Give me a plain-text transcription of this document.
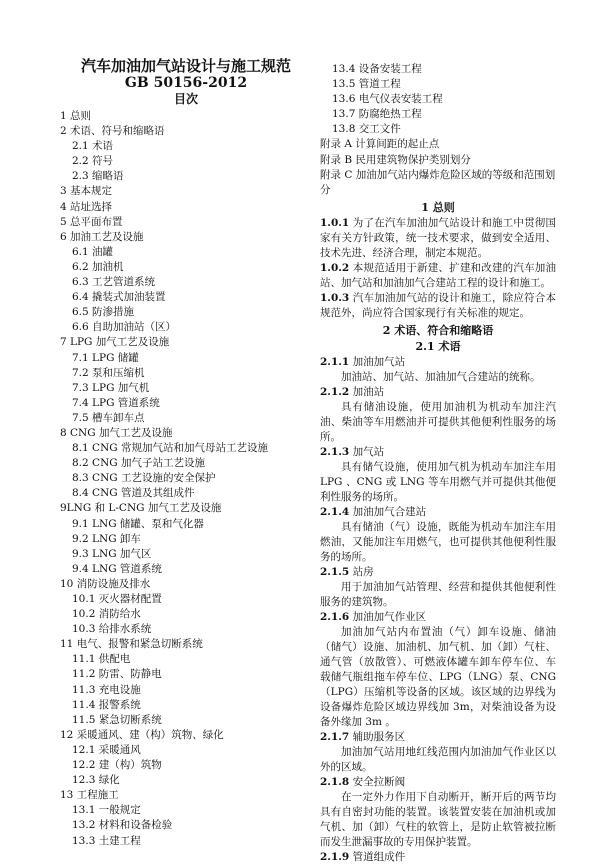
汽车加油加气站设计与施工规范
GB 50156-2012
目次
1 总则
2 术语、符号和缩略语
2.1 术语
2.2 符号
2.3 缩略语
3 基本规定
4 站址选择
5 总平面布置
6 加油工艺及设施
6.1 油罐
6.2 加油机
6.3 工艺管道系统
6.4 撬装式加油装置
6.5 防渗措施
6.6 自助加油站（区）
7 LPG 加气工艺及设施
7.1 LPG 储罐
7.2 泵和压缩机
7.3 LPG 加气机
7.4 LPG 管道系统
7.5 槽车卸车点
8 CNG 加气工艺及设施
8.1 CNG 常规加气站和加气母站工艺设施
8.2 CNG 加气子站工艺设施
8.3 CNG 工艺设施的安全保护
8.4 CNG 管道及其组成件
9LNG 和 L-CNG 加气工艺及设施
9.1 LNG 储罐、泵和气化器
9.2 LNG 卸车
9.3 LNG 加气区
9.4 LNG 管道系统
10 消防设施及排水
10.1 灭火器材配置
10.2 消防给水
10.3 给排水系统
11 电气、报警和紧急切断系统
11.1 供配电
11.2 防雷、防静电
11.3 充电设施
11.4 报警系统
11.5 紧急切断系统
12 采暖通风、建（构）筑物、绿化
12.1 采暖通风
12.2 建（构）筑物
12.3 绿化
13 工程施工
13.1 一般规定
13.2 材料和设备检验
13.3 土建工程
13.4 设备安装工程
13.5 管道工程
13.6 电气仪表安装工程
13.7 防腐绝热工程
13.8 交工文件
附录 A 计算间距的起止点
附录 B 民用建筑物保护类别划分
附录 C 加油加气站内爆炸危险区域的等级和范围划分
1 总则
1.0.1 为了在汽车加油加气站设计和施工中贯彻国家有关方针政策，统一技术要求，做到安全适用、技术先进、经济合理，制定本规范。
1.0.2 本规范适用于新建、扩建和改建的汽车加油站、加气站和加油加气合建站工程的设计和施工。
1.0.3 汽车加油加气站的设计和施工，除应符合本规范外，尚应符合国家现行有关标准的规定。
2 术语、符合和缩略语
2.1 术语
2.1.1 加油加气站
加油站、加气站、加油加气合建站的统称。
2.1.2 加油站
具有储油设施，使用加油机为机动车加注汽油、柴油等车用燃油并可提供其他便利性服务的场所。
2.1.3 加气站
具有储气设施，使用加气机为机动车加注车用 LPG 、CNG 或 LNG 等车用燃气并可提供其他便利性服务的场所。
2.1.4 加油加气合建站
具有储油（气）设施，既能为机动车加注车用燃油，又能加注车用燃气，也可提供其他便利性服务的场所。
2.1.5 站房
用于加油加气站管理、经营和提供其他便利性服务的建筑物。
2.1.6 加油加气作业区
加油加气站内布置油（气）卸车设施、储油（储气）设施、加油机、加气机、加（卸）气柱、通气管（放散管）、可燃液体罐车卸车停车位、车载储气瓶组拖车停车位、LPG（LNG）泵、CNG（LPG）压缩机等设备的区域。该区域的边界线为设备爆炸危险区域边界线加 3m，对柴油设备为设备外缘加 3m 。
2.1.7 辅助服务区
加油加气站用地红线范围内加油加气作业区以外的区域。
2.1.8 安全拉断阀
在一定外力作用下自动断开，断开后的两节均具有自密封功能的装置。该装置安装在加油机或加气机、加（卸）气柱的软管上，是防止软管被拉断而发生泄漏事故的专用保护装置。
2.1.9 管道组成件
